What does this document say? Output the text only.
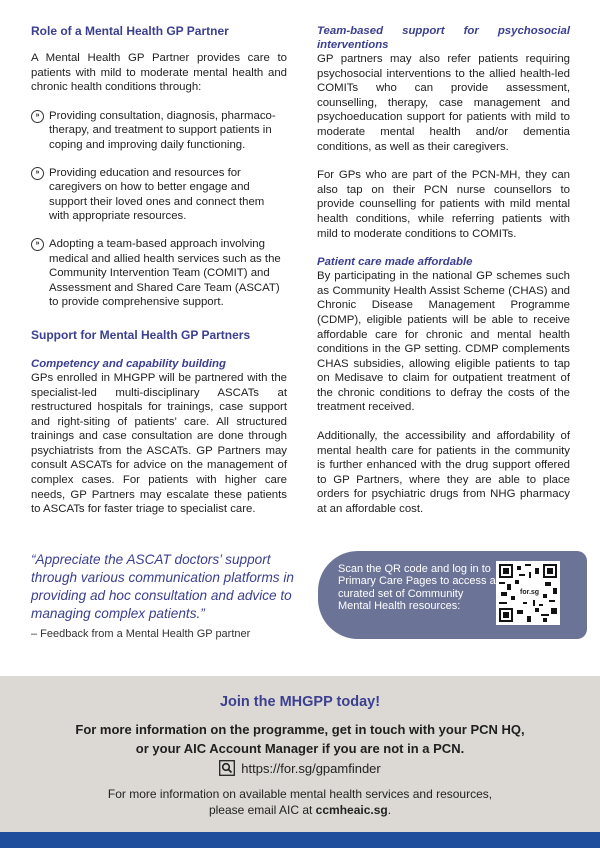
Role of a Mental Health GP Partner

A Mental Health GP Partner provides care to patients with mild to moderate mental health and chronic health conditions through:

» Providing consultation, diagnosis, pharmaco-therapy, and treatment to support patients in coping and improving daily functioning.
» Providing education and resources for caregivers on how to better engage and support their loved ones and connect them with appropriate resources.
» Adopting a team-based approach involving medical and allied health services such as the Community Intervention Team (COMIT) and Assessment and Shared Care Team (ASCAT) to provide comprehensive support.
Support for Mental Health GP Partners
Competency and capability building

GPs enrolled in MHGPP will be partnered with the specialist-led multi-disciplinary ASCATs at restructured hospitals for trainings, case support and right-siting of patients’ care. All structured trainings and case consultation are done through psychiatrists from the ASCATs. GP Partners may consult ASCATs for advice on the management of complex cases. For patients with higher care needs, GP Partners may escalate these patients to ASCATs for faster triage to specialist care.

“Appreciate the ASCAT doctors’ support through various communication platforms in providing ad hoc consultation and advice to managing complex patients.”
– Feedback from a Mental Health GP partner
Team-based support for psychosocial interventions

GP partners may also refer patients requiring psychosocial interventions to the allied health-led COMITs who can provide assessment, counselling, therapy, case management and psychoeducation support for patients with mild to moderate mental health and/or dementia conditions, as well as their caregivers.

For GPs who are part of the PCN-MH, they can also tap on their PCN nurse counsellors to provide counselling for patients with mild mental health conditions, while referring patients with mild to moderate conditions to COMITs.

Patient care made affordable

By participating in the national GP schemes such as Community Health Assist Scheme (CHAS) and Chronic Disease Management Programme (CDMP), eligible patients will be able to receive affordable care for chronic and mental health conditions in the GP setting. CDMP complements CHAS subsidies, allowing eligible patients to tap on Medisave to claim for outpatient treatment of the chronic conditions to defray the costs of the treatment received.

Additionally, the accessibility and affordability of mental health care for patients in the community is further enhanced with the drug support offered to GP Partners, where they are able to place orders for psychiatric drugs from NHG pharmacy at an affordable cost.

Scan the QR code and log in to Primary Care Pages to access a curated set of Community Mental Health resources:
for.sg
Join the MHGPP today!
For more information on the programme, get in touch with your PCN HQ,
or your AIC Account Manager if you are not in a PCN.
https://for.sg/gpamfinder
For more information on available mental health services and resources,
please email AIC at ccmheaic.sg.
